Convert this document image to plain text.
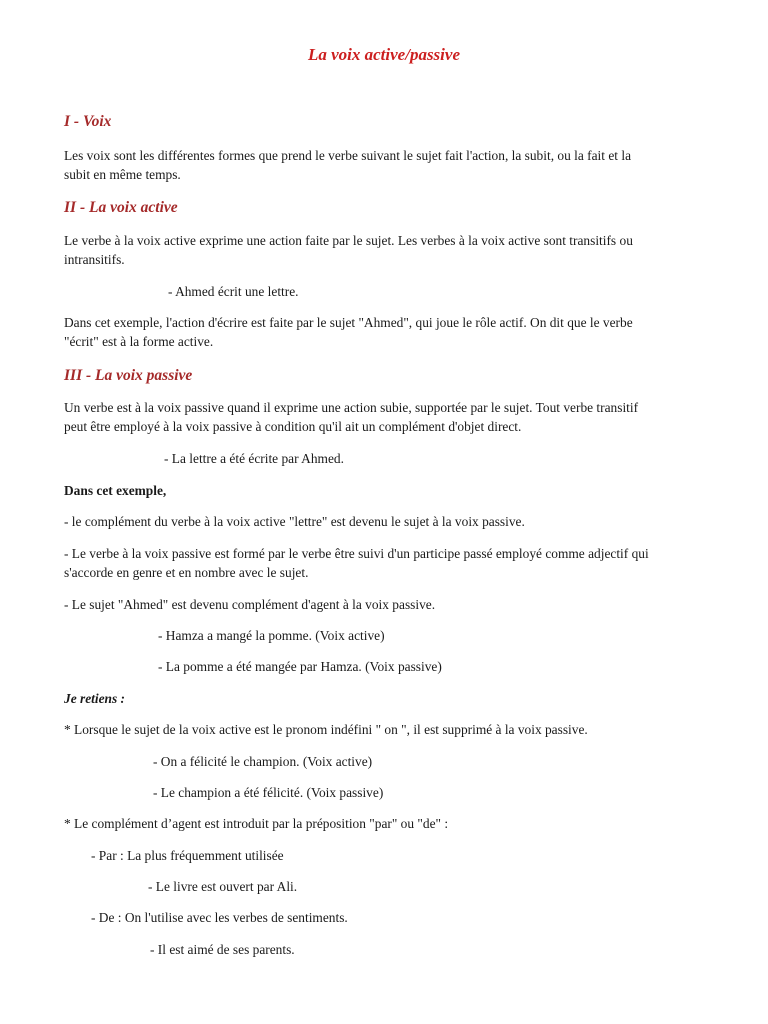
La voix active/passive
I - Voix
Les voix sont les différentes formes que prend le verbe suivant le sujet fait l'action, la subit, ou la fait et la
subit en même temps.
II - La voix active
Le verbe à la voix active exprime une action faite par le sujet. Les verbes à la voix active sont transitifs ou
intransitifs.
- Ahmed écrit une lettre.
Dans cet exemple, l'action d'écrire est faite par le sujet "Ahmed", qui joue le rôle actif. On dit que le verbe
"écrit" est à la forme active.
III - La voix passive
Un verbe est à la voix passive quand il exprime une action subie, supportée par le sujet. Tout verbe transitif
peut être employé à la voix passive à condition qu'il ait un complément d'objet direct.
- La lettre a été écrite par Ahmed.
Dans cet exemple,
- le complément du verbe à la voix active "lettre" est devenu le sujet à la voix passive.
- Le verbe à la voix passive est formé par le verbe être suivi d'un participe passé employé comme adjectif qui
s'accorde en genre et en nombre avec le sujet.
- Le sujet "Ahmed" est devenu complément d'agent à la voix passive.
- Hamza a mangé la pomme. (Voix active)
- La pomme a été mangée par Hamza. (Voix passive)
Je retiens :
* Lorsque le sujet de la voix active est le pronom indéfini " on ", il est supprimé à la voix passive.
- On a félicité le champion. (Voix active)
- Le champion a été félicité. (Voix passive)
* Le complément d’agent est introduit par la préposition "par" ou "de" :
- Par : La plus fréquemment utilisée
- Le livre est ouvert par Ali.
- De : On l'utilise avec les verbes de sentiments.
- Il est aimé de ses parents.
